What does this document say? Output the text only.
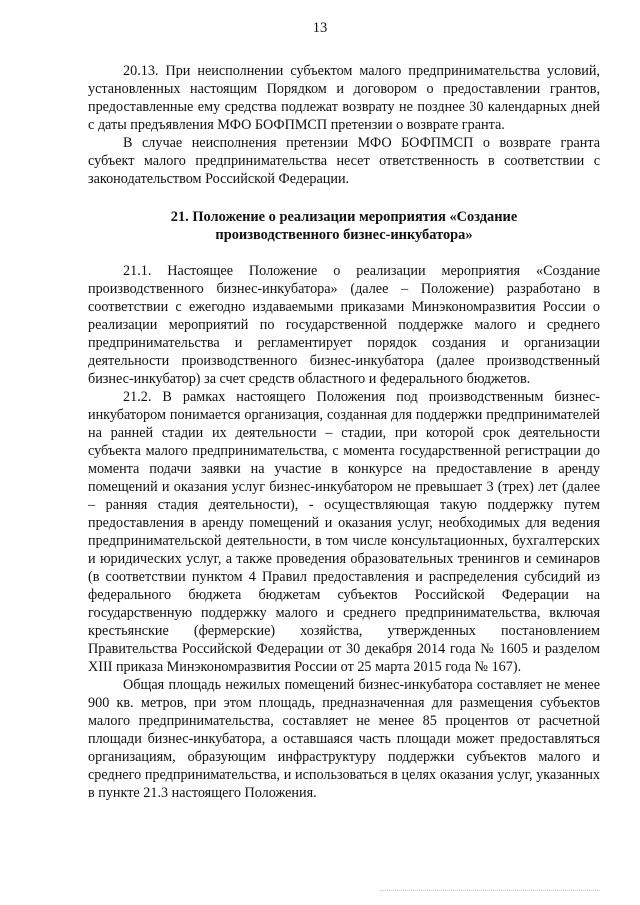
13

20.13. При неисполнении субъектом малого предпринимательства условий, установленных настоящим Порядком и договором о предоставлении грантов, предоставленные ему средства подлежат возврату не позднее 30 календарных дней с даты предъявления МФО БОФПМСП претензии о возврате гранта.

В случае неисполнения претензии МФО БОФПМСП о возврате гранта субъект малого предпринимательства несет ответственность в соответствии с законодательством Российской Федерации.

21. Положение о реализации мероприятия «Создание производственного бизнес-инкубатора»

21.1. Настоящее Положение о реализации мероприятия «Создание производственного бизнес-инкубатора» (далее – Положение) разработано в соответствии с ежегодно издаваемыми приказами Минэкономразвития России о реализации мероприятий по государственной поддержке малого и среднего предпринимательства и регламентирует порядок создания и организации деятельности производственного бизнес-инкубатора (далее производственный бизнес-инкубатор) за счет средств областного и федерального бюджетов.

21.2. В рамках настоящего Положения под производственным бизнес-инкубатором понимается организация, созданная для поддержки предпринимателей на ранней стадии их деятельности – стадии, при которой срок деятельности субъекта малого предпринимательства, с момента государственной регистрации до момента подачи заявки на участие в конкурсе на предоставление в аренду помещений и оказания услуг бизнес-инкубатором не превышает 3 (трех) лет (далее – ранняя стадия деятельности), - осуществляющая такую поддержку путем предоставления в аренду помещений и оказания услуг, необходимых для ведения предпринимательской деятельности, в том числе консультационных, бухгалтерских и юридических услуг, а также проведения образовательных тренингов и семинаров (в соответствии пунктом 4 Правил предоставления и распределения субсидий из федерального бюджета бюджетам субъектов Российской Федерации на государственную поддержку малого и среднего предпринимательства, включая крестьянские (фермерские) хозяйства, утвержденных постановлением Правительства Российской Федерации от 30 декабря 2014 года № 1605 и разделом XIII приказа Минэкономразвития России от 25 марта 2015 года № 167).

Общая площадь нежилых помещений бизнес-инкубатора составляет не менее 900 кв. метров, при этом площадь, предназначенная для размещения субъектов малого предпринимательства, составляет не менее 85 процентов от расчетной площади бизнес-инкубатора, а оставшаяся часть площади может предоставляться организациям, образующим инфраструктуру поддержки субъектов малого и среднего предпринимательства, и использоваться в целях оказания услуг, указанных в пункте 21.3 настоящего Положения.
